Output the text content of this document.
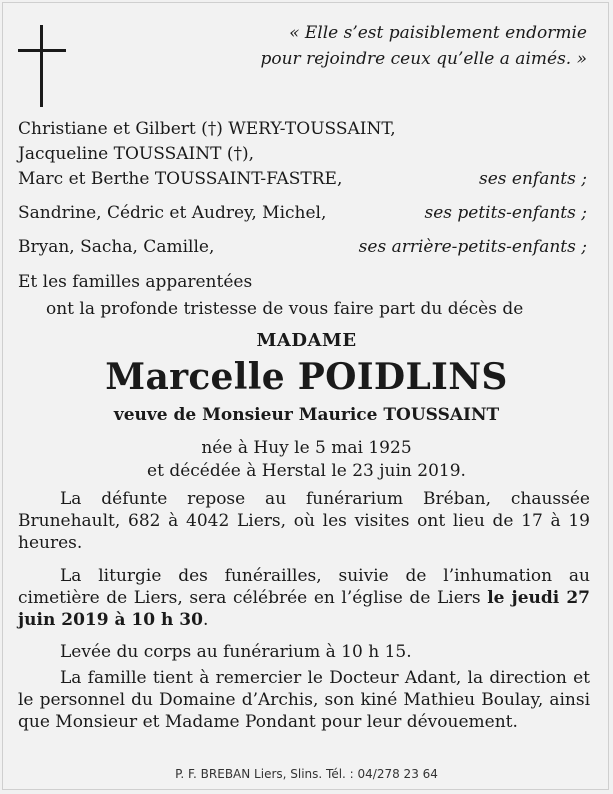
« Elle s’est paisiblement endormie
pour rejoindre ceux qu’elle a aimés. »
Christiane et Gilbert (†) WERY-TOUSSAINT,
Jacqueline TOUSSAINT (†),
Marc et Berthe TOUSSAINT-FASTRE,	ses enfants ;
Sandrine, Cédric et Audrey, Michel,	ses petits-enfants ;
Bryan, Sacha, Camille,	ses arrière-petits-enfants ;
Et les familles apparentées
ont la profonde tristesse de vous faire part du décès de
MADAME
Marcelle POIDLINS
veuve de Monsieur Maurice TOUSSAINT
née à Huy le 5 mai 1925
et décédée à Herstal le 23 juin 2019.
La défunte repose au funérarium Bréban, chaussée Brunehault, 682 à 4042 Liers, où les visites ont lieu de 17 à 19 heures.
La liturgie des funérailles, suivie de l’inhumation au cimetière de Liers, sera célébrée en l’église de Liers le jeudi 27 juin 2019 à 10 h 30.
Levée du corps au funérarium à 10 h 15.
La famille tient à remercier le Docteur Adant, la direction et le personnel du Domaine d’Archis, son kiné Mathieu Boulay, ainsi que Monsieur et Madame Pondant pour leur dévouement.
P. F. BREBAN Liers, Slins. Tél. : 04/278 23 64
